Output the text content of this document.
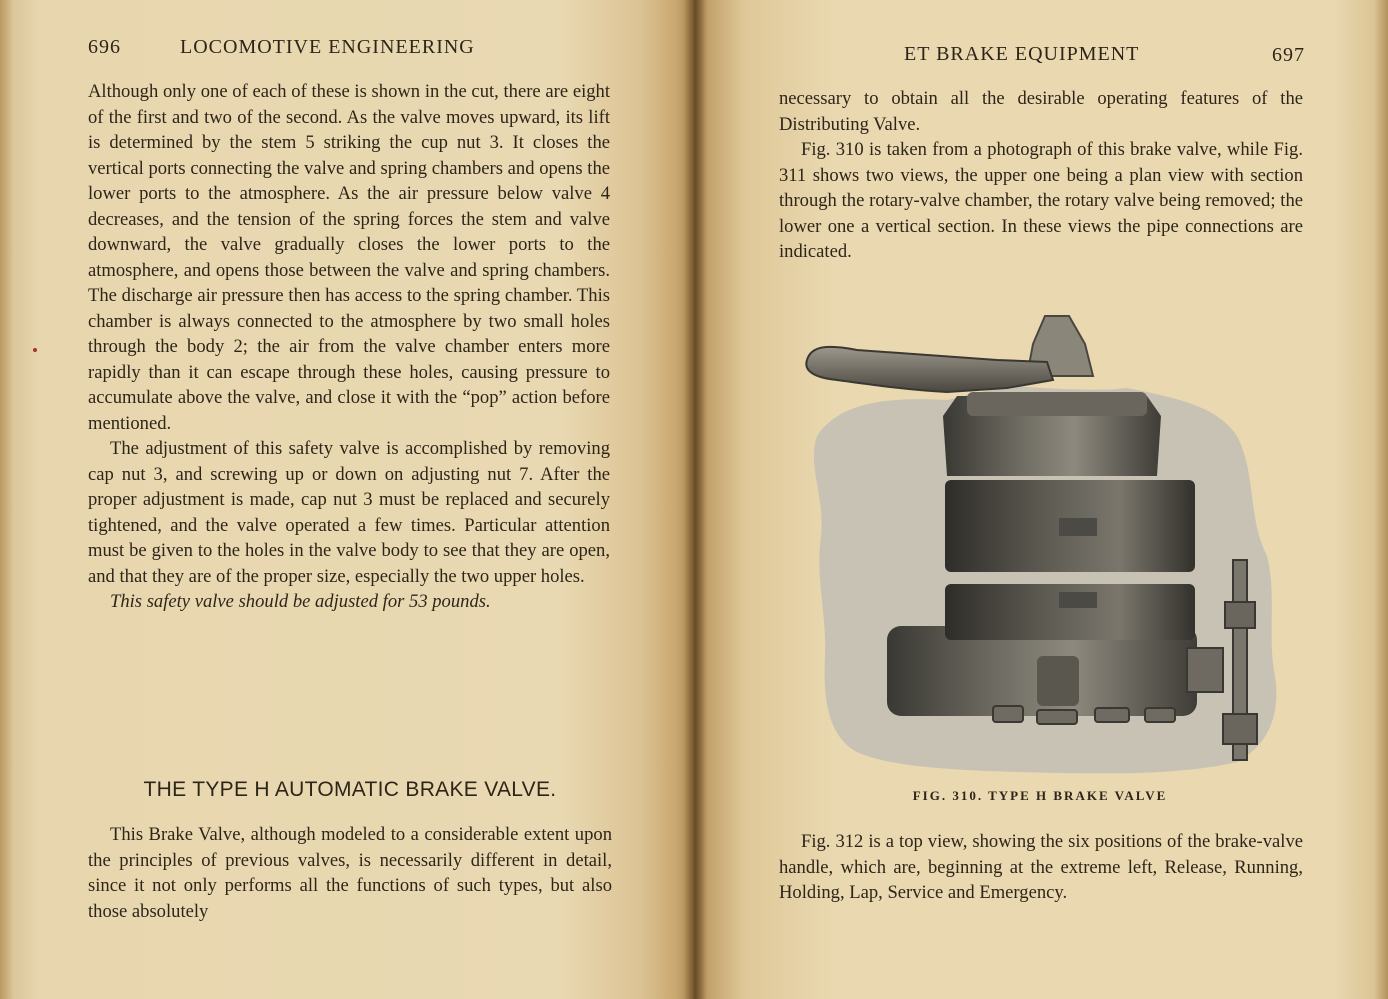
696	LOCOMOTIVE ENGINEERING

Although only one of each of these is shown in the cut, there are eight of the first and two of the second. As the valve moves upward, its lift is determined by the stem 5 striking the cup nut 3. It closes the vertical ports connecting the valve and spring chambers and opens the lower ports to the atmosphere. As the air pressure below valve 4 decreases, and the tension of the spring forces the stem and valve downward, the valve gradually closes the lower ports to the atmosphere, and opens those between the valve and spring chambers. The discharge air pressure then has access to the spring chamber. This chamber is always connected to the atmosphere by two small holes through the body 2; the air from the valve chamber enters more rapidly than it can escape through these holes, causing pressure to accumulate above the valve, and close it with the “pop” action before mentioned.

The adjustment of this safety valve is accomplished by removing cap nut 3, and screwing up or down on adjusting nut 7. After the proper adjustment is made, cap nut 3 must be replaced and securely tightened, and the valve operated a few times. Particular attention must be given to the holes in the valve body to see that they are open, and that they are of the proper size, especially the two upper holes.

This safety valve should be adjusted for 53 pounds.

THE TYPE H AUTOMATIC BRAKE VALVE.

This Brake Valve, although modeled to a considerable extent upon the principles of previous valves, is necessarily different in detail, since it not only performs all the functions of such types, but also those absolutely

ET BRAKE EQUIPMENT	697

necessary to obtain all the desirable operating features of the Distributing Valve.

Fig. 310 is taken from a photograph of this brake valve, while Fig. 311 shows two views, the upper one being a plan view with section through the rotary-valve chamber, the rotary valve being removed; the lower one a vertical section. In these views the pipe connections are indicated.

FIG. 310. TYPE H BRAKE VALVE

Fig. 312 is a top view, showing the six positions of the brake-valve handle, which are, beginning at the extreme left, Release, Running, Holding, Lap, Service and Emergency.
